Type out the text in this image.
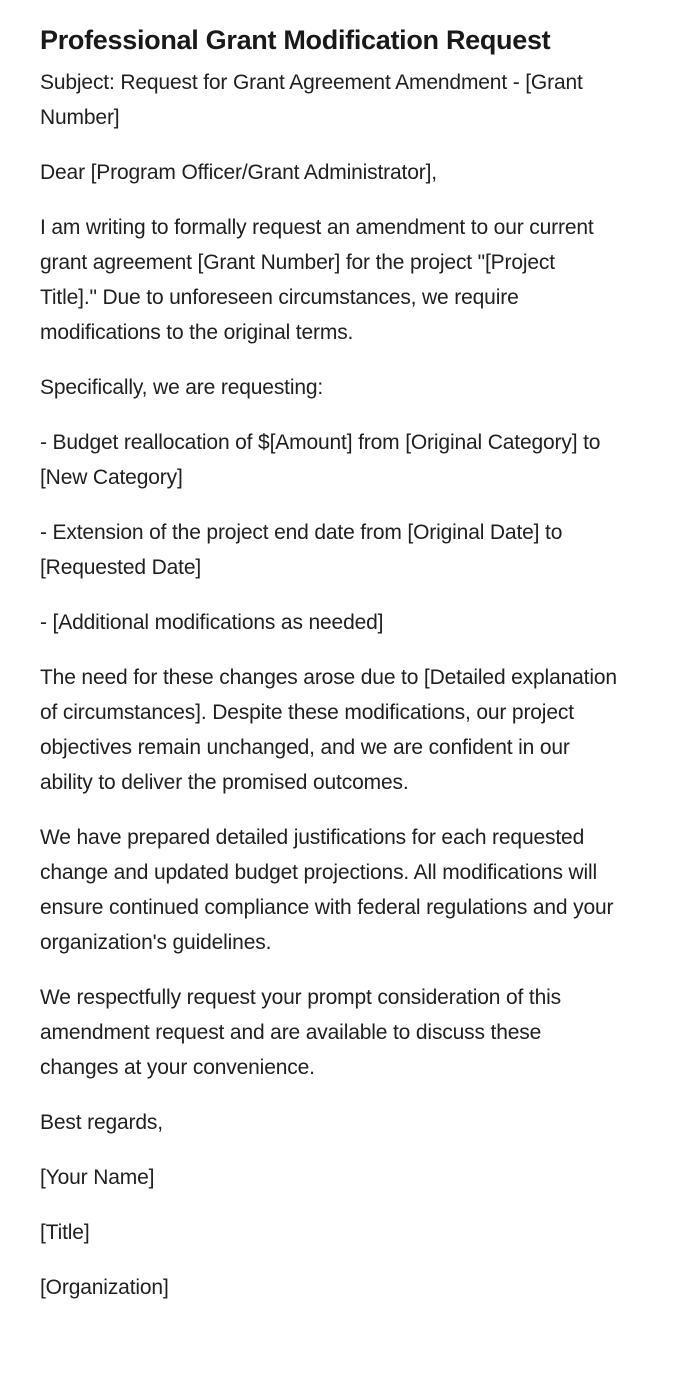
Professional Grant Modification Request

Subject: Request for Grant Agreement Amendment - [Grant
Number]

Dear [Program Officer/Grant Administrator],

I am writing to formally request an amendment to our current
grant agreement [Grant Number] for the project "[Project
Title]." Due to unforeseen circumstances, we require
modifications to the original terms.

Specifically, we are requesting:

- Budget reallocation of $[Amount] from [Original Category] to
[New Category]

- Extension of the project end date from [Original Date] to
[Requested Date]

- [Additional modifications as needed]

The need for these changes arose due to [Detailed explanation
of circumstances]. Despite these modifications, our project
objectives remain unchanged, and we are confident in our
ability to deliver the promised outcomes.

We have prepared detailed justifications for each requested
change and updated budget projections. All modifications will
ensure continued compliance with federal regulations and your
organization's guidelines.

We respectfully request your prompt consideration of this
amendment request and are available to discuss these
changes at your convenience.

Best regards,

[Your Name]

[Title]

[Organization]
